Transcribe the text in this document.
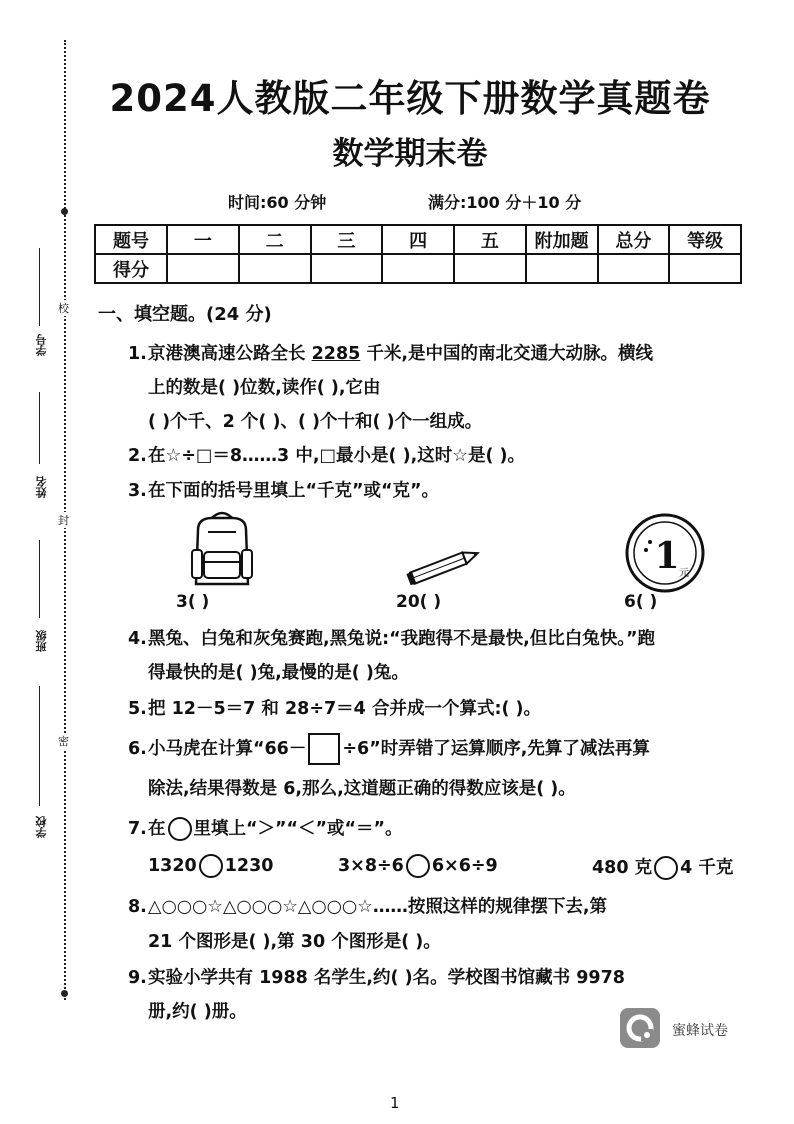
校
封
密
学号
姓名
班级
学校
2024人教版二年级下册数学真题卷
数学期末卷
时间:60 分钟	满分:100 分＋10 分
题号	一	二	三	四	五	附加题	总分	等级
得分								
一、填空题。(24 分)
1.京港澳高速公路全长 2285 千米,是中国的南北交通大动脉。横线
上的数是( )位数,读作( ),它由
( )个千、2 个( )、( )个十和( )个一组成。
2.在☆÷□＝8……3 中,□最小是( ),这时☆是( )。
3.在下面的括号里填上“千克”或“克”。
1 元
3( )	20( )	6( )
4.黑兔、白兔和灰兔赛跑,黑兔说:“我跑得不是最快,但比白兔快。”跑
得最快的是( )兔,最慢的是( )兔。
5.把 12－5＝7 和 28÷7＝4 合并成一个算式:( )。
6.小马虎在计算“66－ ÷6”时弄错了运算顺序,先算了减法再算
除法,结果得数是 6,那么,这道题正确的得数应该是( )。
7.在 里填上“＞”“＜”或“＝”。
1320 1230	3×8÷6 6×6÷9	480 克 4 千克
8.△○○○☆△○○○☆△○○○☆……按照这样的规律摆下去,第
21 个图形是( ),第 30 个图形是( )。
9.实验小学共有 1988 名学生,约( )名。学校图书馆藏书 9978
册,约( )册。
蜜蜂试卷
1
